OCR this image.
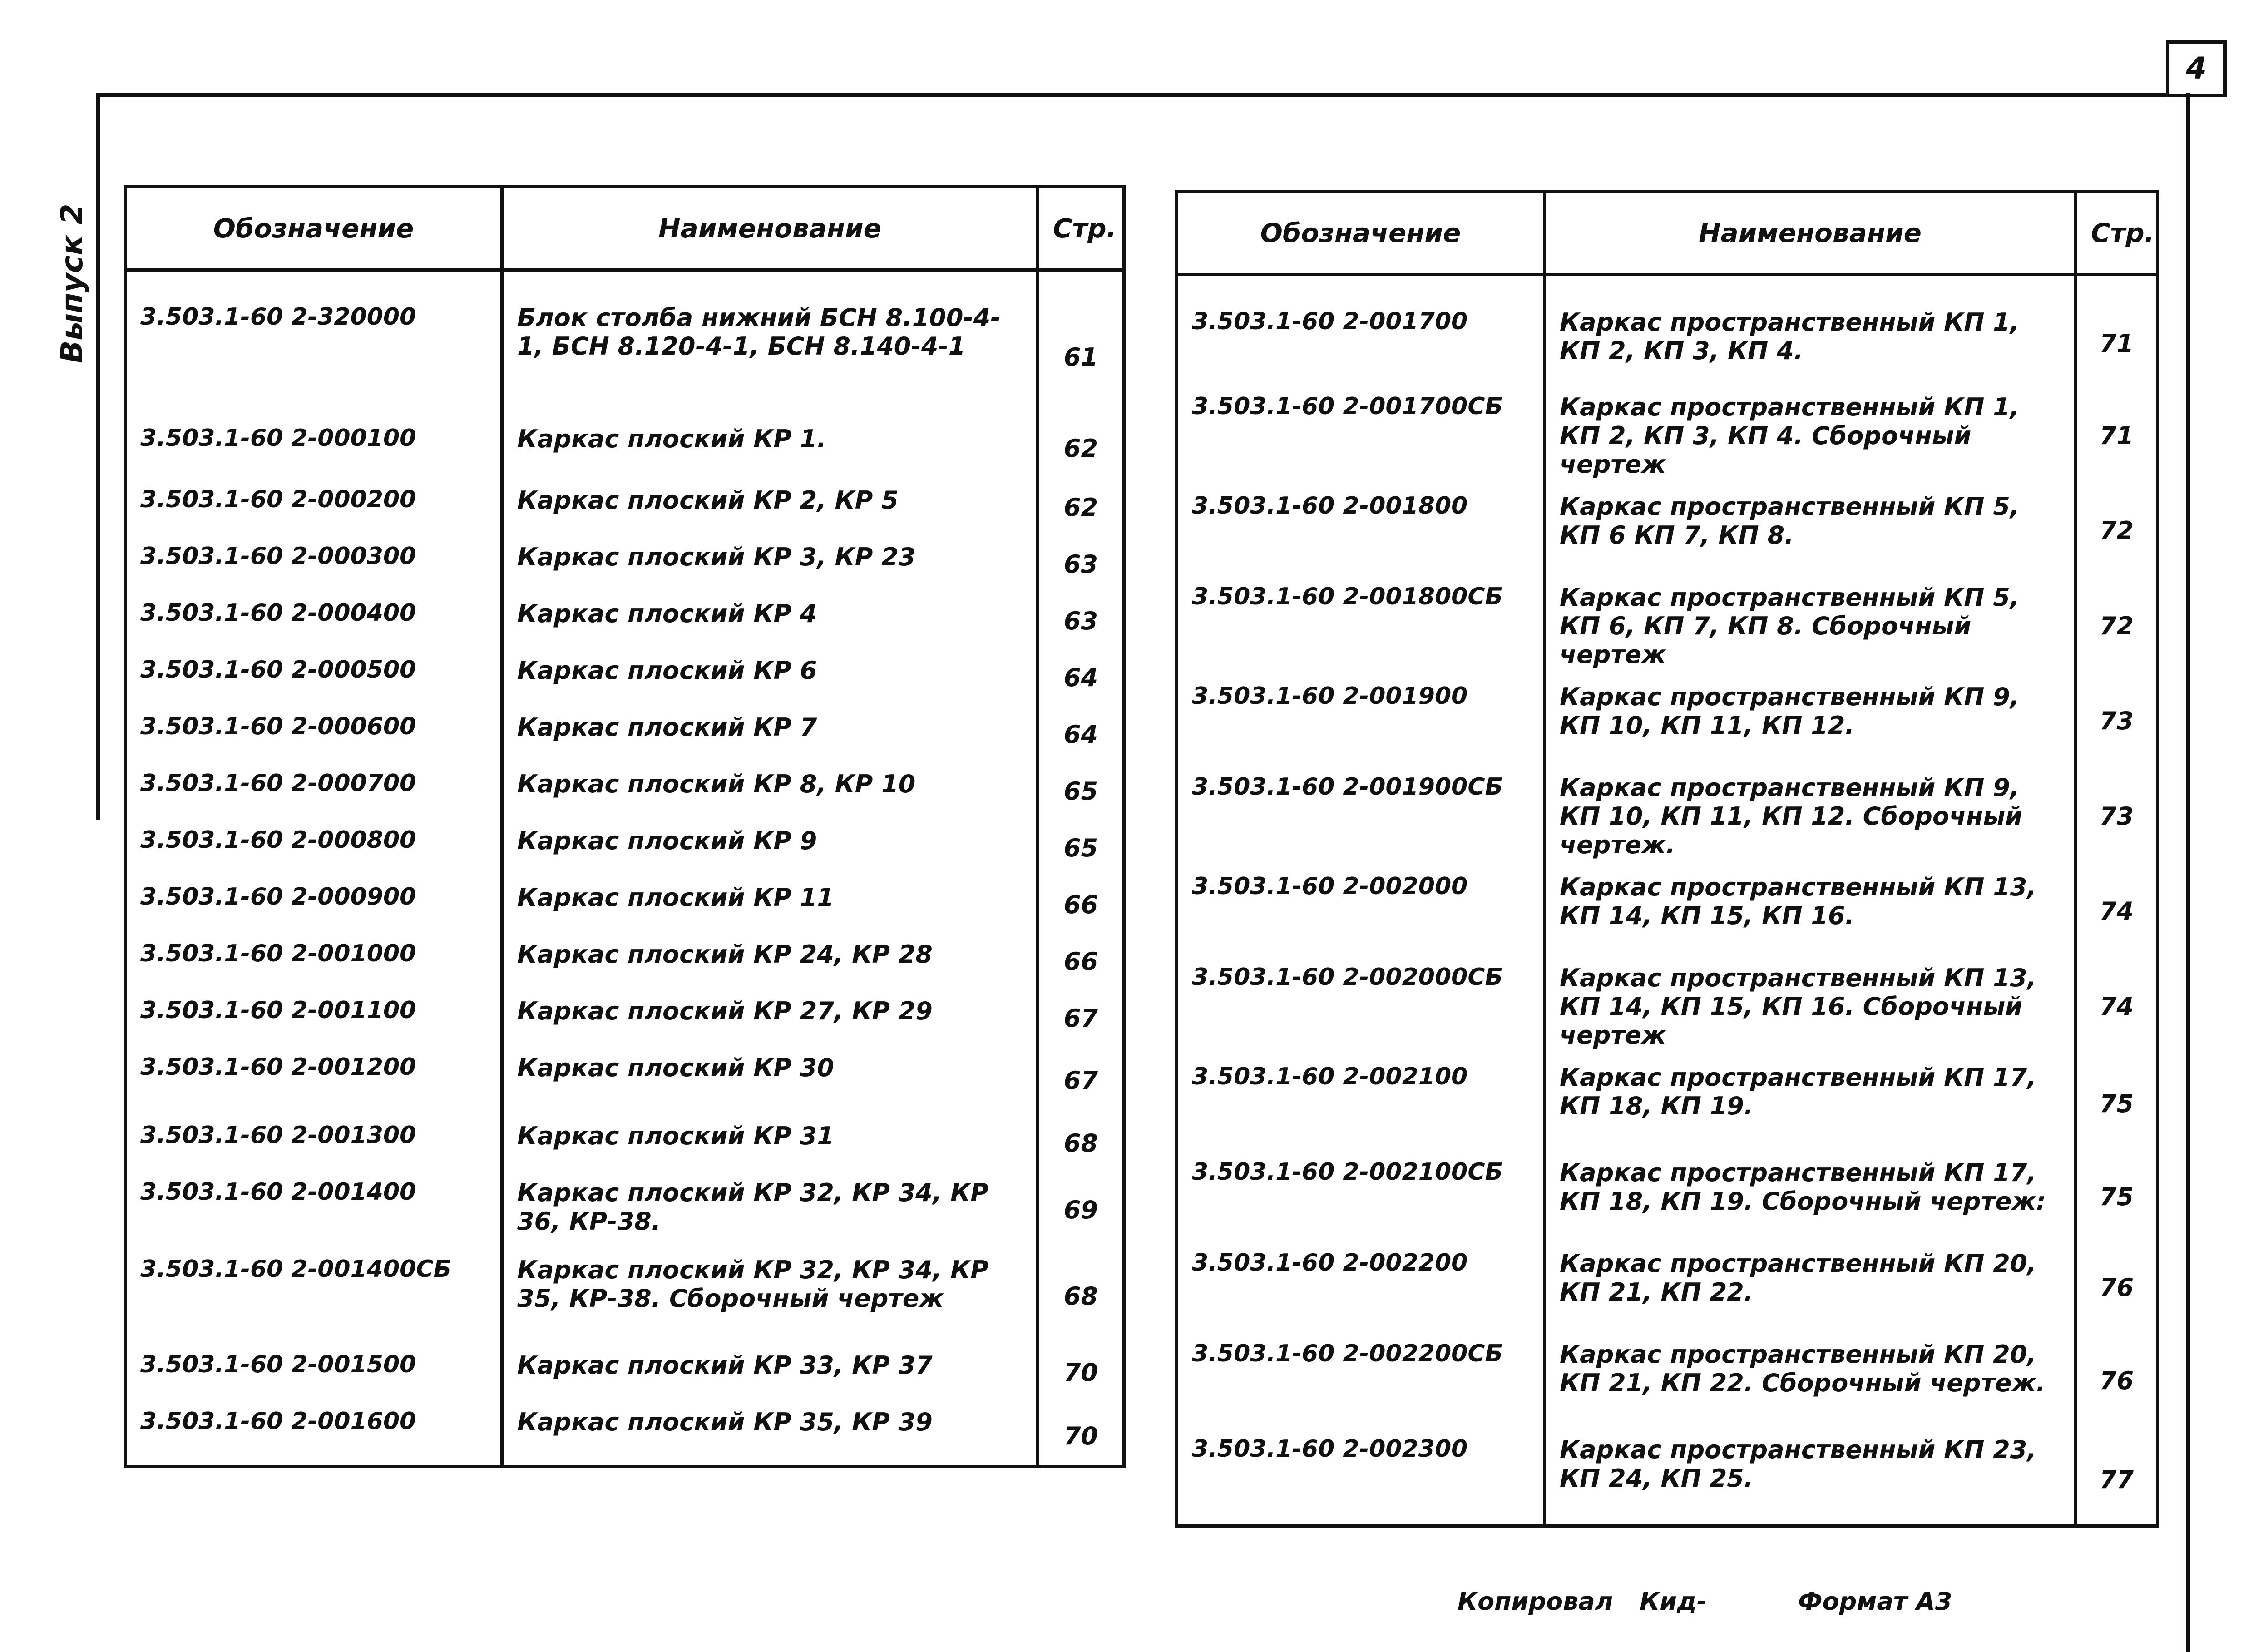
4
Выпуск 2	Обозначение	Наименование	Стр.
3.503.1-60 2-320000	Блок столба нижний БСН 8.100-4-1, БСН 8.120-4-1, БСН 8.140-4-1	61
3.503.1-60 2-000100	Каркас плоский КР 1.	62
3.503.1-60 2-000200	Каркас плоский КР 2, КР 5	62
3.503.1-60 2-000300	Каркас плоский КР 3, КР 23	63
3.503.1-60 2-000400	Каркас плоский КР 4	63
3.503.1-60 2-000500	Каркас плоский КР 6	64
3.503.1-60 2-000600	Каркас плоский КР 7	64
3.503.1-60 2-000700	Каркас плоский КР 8, КР 10	65
3.503.1-60 2-000800	Каркас плоский КР 9	65
3.503.1-60 2-000900	Каркас плоский КР 11	66
3.503.1-60 2-001000	Каркас плоский КР 24, КР 28	66
3.503.1-60 2-001100	Каркас плоский КР 27, КР 29	67
3.503.1-60 2-001200	Каркас плоский КР 30	67
3.503.1-60 2-001300	Каркас плоский КР 31	68
3.503.1-60 2-001400	Каркас плоский КР 32, КР 34, КР 36, КР-38.	69
3.503.1-60 2-001400СБ	Каркас плоский КР 32, КР 34, КР 35, КР-38. Сборочный чертеж	68
3.503.1-60 2-001500	Каркас плоский КР 33, КР 37	70
3.503.1-60 2-001600	Каркас плоский КР 35, КР 39	70
Обозначение	Наименование	Стр.
3.503.1-60 2-001700	Каркас пространственный КП 1, КП 2, КП 3, КП 4.	71
3.503.1-60 2-001700СБ	Каркас пространственный КП 1, КП 2, КП 3, КП 4. Сборочный чертеж	71
3.503.1-60 2-001800	Каркас пространственный КП 5, КП 6 КП 7, КП 8.	72
3.503.1-60 2-001800СБ	Каркас пространственный КП 5, КП 6, КП 7, КП 8. Сборочный чертеж	72
3.503.1-60 2-001900	Каркас пространственный КП 9, КП 10, КП 11, КП 12.	73
3.503.1-60 2-001900СБ	Каркас пространственный КП 9, КП 10, КП 11, КП 12. Сборочный чертеж.	73
3.503.1-60 2-002000	Каркас пространственный КП 13, КП 14, КП 15, КП 16.	74
3.503.1-60 2-002000СБ	Каркас пространственный КП 13, КП 14, КП 15, КП 16. Сборочный чертеж	74
3.503.1-60 2-002100	Каркас пространственный КП 17, КП 18, КП 19.	75
3.503.1-60 2-002100СБ	Каркас пространственный КП 17, КП 18, КП 19. Сборочный чертеж:	75
3.503.1-60 2-002200	Каркас пространственный КП 20, КП 21, КП 22.	76
3.503.1-60 2-002200СБ	Каркас пространственный КП 20, КП 21, КП 22. Сборочный чертеж.	76
3.503.1-60 2-002300	Каркас пространственный КП 23, КП 24, КП 25.	77
Копировал Кид-	Формат А3
